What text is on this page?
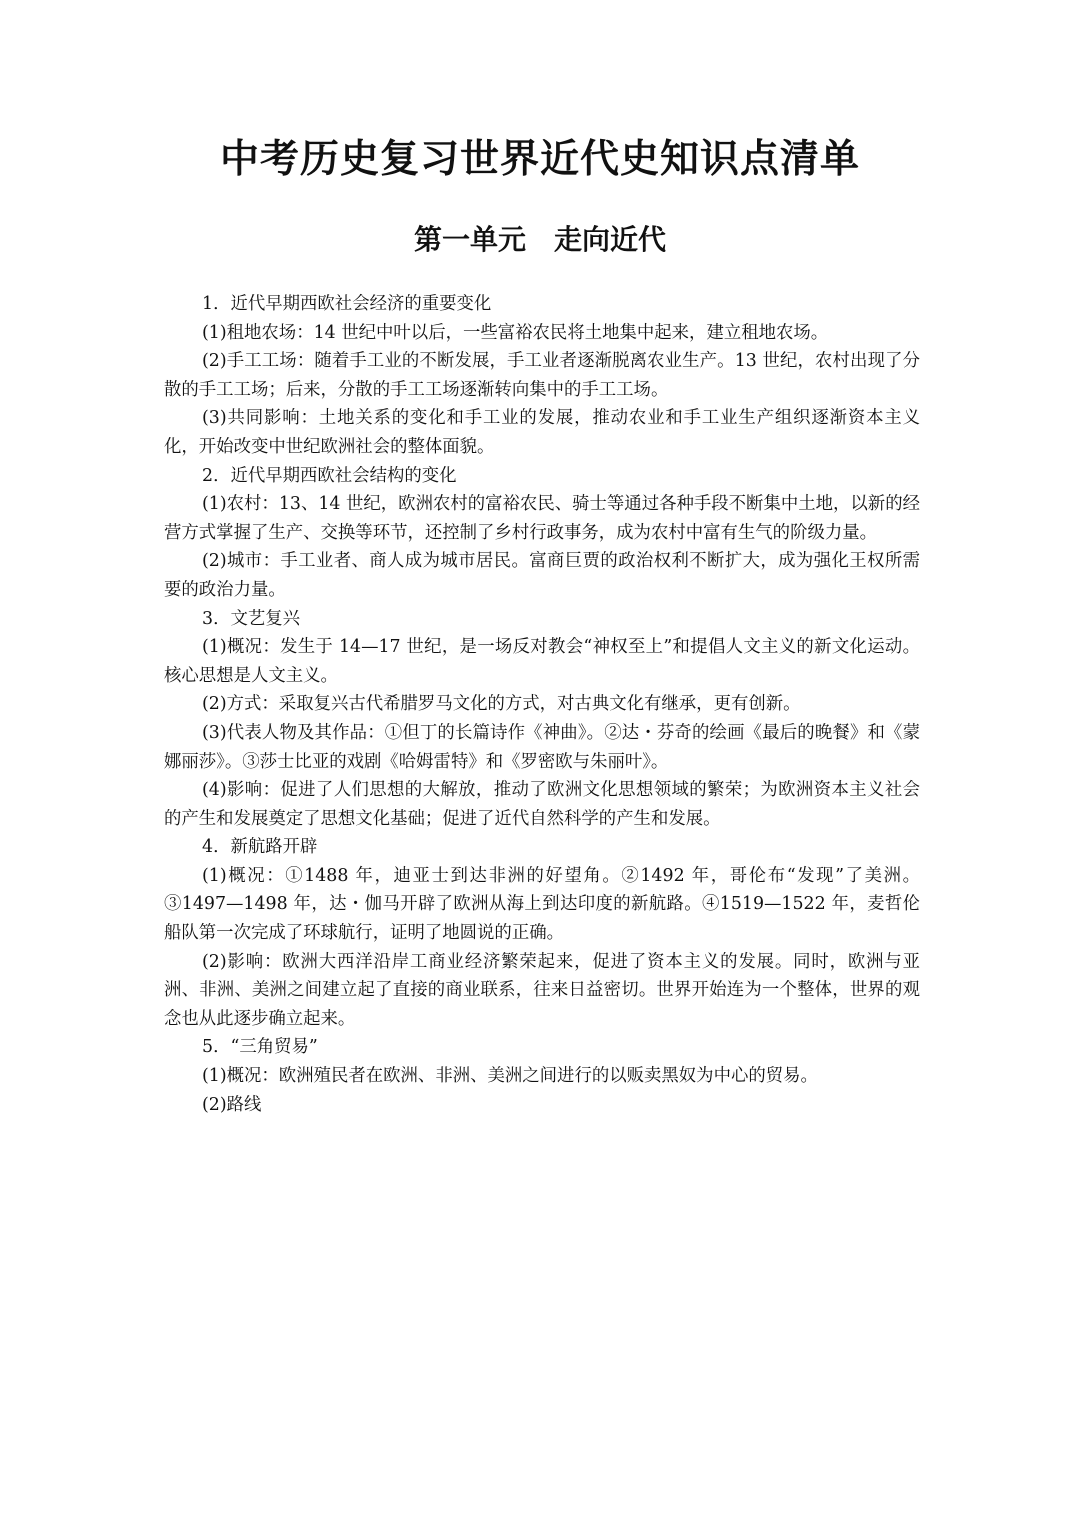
中考历史复习世界近代史知识点清单
第一单元　走向近代

1．近代早期西欧社会经济的重要变化

(1)租地农场：14 世纪中叶以后，一些富裕农民将土地集中起来，建立租地农场。

(2)手工工场：随着手工业的不断发展，手工业者逐渐脱离农业生产。13 世纪，农村出现了分散的手工工场；后来，分散的手工工场逐渐转向集中的手工工场。

(3)共同影响：土地关系的变化和手工业的发展，推动农业和手工业生产组织逐渐资本主义化，开始改变中世纪欧洲社会的整体面貌。

2．近代早期西欧社会结构的变化

(1)农村：13、14 世纪，欧洲农村的富裕农民、骑士等通过各种手段不断集中土地，以新的经营方式掌握了生产、交换等环节，还控制了乡村行政事务，成为农村中富有生气的阶级力量。

(2)城市：手工业者、商人成为城市居民。富商巨贾的政治权利不断扩大，成为强化王权所需要的政治力量。

3．文艺复兴

(1)概况：发生于 14—17 世纪，是一场反对教会“神权至上”和提倡人文主义的新文化运动。核心思想是人文主义。

(2)方式：采取复兴古代希腊罗马文化的方式，对古典文化有继承，更有创新。

(3)代表人物及其作品：①但丁的长篇诗作《神曲》。②达・芬奇的绘画《最后的晚餐》和《蒙娜丽莎》。③莎士比亚的戏剧《哈姆雷特》和《罗密欧与朱丽叶》。

(4)影响：促进了人们思想的大解放，推动了欧洲文化思想领域的繁荣；为欧洲资本主义社会的产生和发展奠定了思想文化基础；促进了近代自然科学的产生和发展。

4．新航路开辟

(1)概况：①1488 年，迪亚士到达非洲的好望角。②1492 年，哥伦布“发现”了美洲。③1497—1498 年，达・伽马开辟了欧洲从海上到达印度的新航路。④1519—1522 年，麦哲伦船队第一次完成了环球航行，证明了地圆说的正确。

(2)影响：欧洲大西洋沿岸工商业经济繁荣起来，促进了资本主义的发展。同时，欧洲与亚洲、非洲、美洲之间建立起了直接的商业联系，往来日益密切。世界开始连为一个整体，世界的观念也从此逐步确立起来。

5．“三角贸易”

(1)概况：欧洲殖民者在欧洲、非洲、美洲之间进行的以贩卖黑奴为中心的贸易。

(2)路线
